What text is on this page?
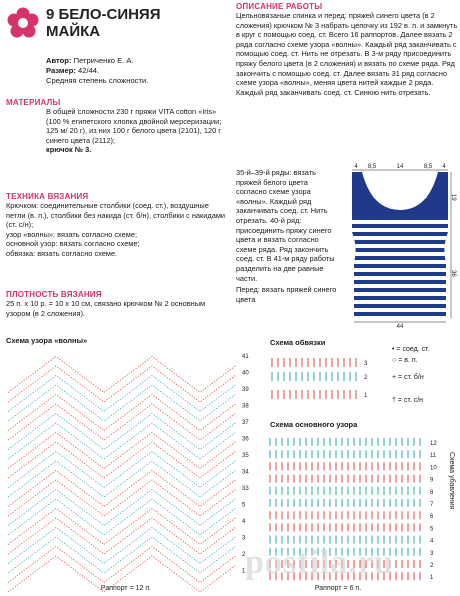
9 БЕЛО-СИНЯЯ
МАЙКА
Автор: Петриченко Е. А.
Размер: 42/44.
Средняя степень сложности.
МАТЕРИАЛЫ
В общей сложности 230 г пряжи VITA cotton «Iris» (100 % египетского хлопка двойной мерсеризации; 125 м/ 20 г), из них 100 г белого цвета (2101), 120 г синего цвета (2112);
крючок № 3.
ТЕХНИКА ВЯЗАНИЯ
Крючком: соединительные столбики (соед. ст.), воздушные петли (в. п.), столбики без накида (ст. б/н), столбики с накидами (ст. с/н);
узор «волны»: вязать согласно схеме;
основной узор: вязать согласно схеме;
обвязка: вязать согласно схеме.
ПЛОТНОСТЬ ВЯЗАНИЯ
25 п. х 10 р. = 10 х 10 см, связано крючком № 2 основным узором (в 2 сложения).
ОПИСАНИЕ РАБОТЫ
Цельновязаные спинка и перед: пряжей синего цвета (в 2 сложения) крючком № 3 набрать цепочку из 192 в. п. и замкнуть в круг с помощью соед. ст. Всего 16 раппортов. Далее вязать 2 ряда согласно схеме узора «волны». Каждый ряд заканчивать с помощью соед. ст. Нить не отрезать. В 3-м ряду присоединить пряжу белого цвета (в 2 сложения) и вязать по схеме ряда. Ряд закончить с помощью соед. ст. Далее вязать 31 ряд согласно схеме узора «волны», меняя цвета нитей каждые 2 ряда. Каждый ряд заканчивать соед. ст. Синюю нить отрезать.
35-й–39-й ряды: вязать пряжей белого цвета согласно схеме узора «волны». Каждый ряд заканчивать соед. ст. Нить отрезать. 40-й ряд: присоединить пряжу синего цвета и вязать согласно схеме ряда. Ряд закончить соед. ст. В 41-м ряду работы разделить на две равные части.
Перед: вязать пряжей синего цвета
Перед и спинка
4 8,5	14	8,5 4
44
19
36
Схема узора «волны»
41
40
39
38
37
36
35
34
33
5
4
3
2
1
Раппорт = 12 п.
Схема обвязки
3
2
1
• = соед. ст.
○ = в. п.
+ = ст. б/н
† = ст. с/н
Схема основного узора
12
11
10
9
8
7
6
5
4
3
2
1
Раппорт = 6 п.
Схема убавления
postila.ru
